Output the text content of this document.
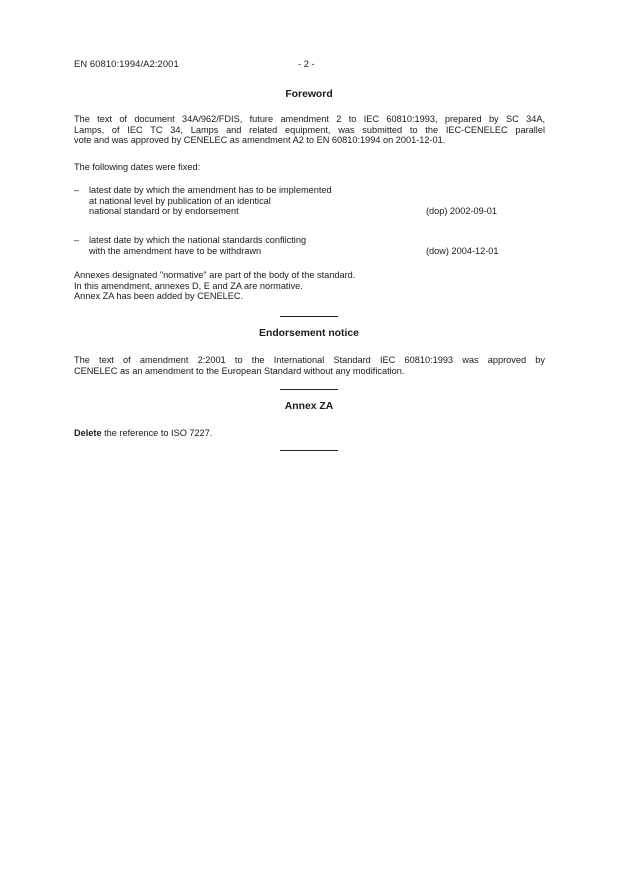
EN 60810:1994/A2:2001	- 2 -
Foreword
The text of document 34A/962/FDIS, future amendment 2 to IEC 60810:1993, prepared by SC 34A,
Lamps, of IEC TC 34, Lamps and related equipment, was submitted to the IEC-CENELEC parallel
vote and was approved by CENELEC as amendment A2 to EN 60810:1994 on 2001-12-01.
The following dates were fixed:
– latest date by which the amendment has to be implemented
at national level by publication of an identical
national standard or by endorsement	(dop) 2002-09-01
– latest date by which the national standards conflicting
with the amendment have to be withdrawn	(dow) 2004-12-01
Annexes designated "normative" are part of the body of the standard.
In this amendment, annexes D, E and ZA are normative.
Annex ZA has been added by CENELEC.
Endorsement notice
The text of amendment 2:2001 to the International Standard IEC 60810:1993 was approved by
CENELEC as an amendment to the European Standard without any modification.
Annex ZA
Delete the reference to ISO 7227.
